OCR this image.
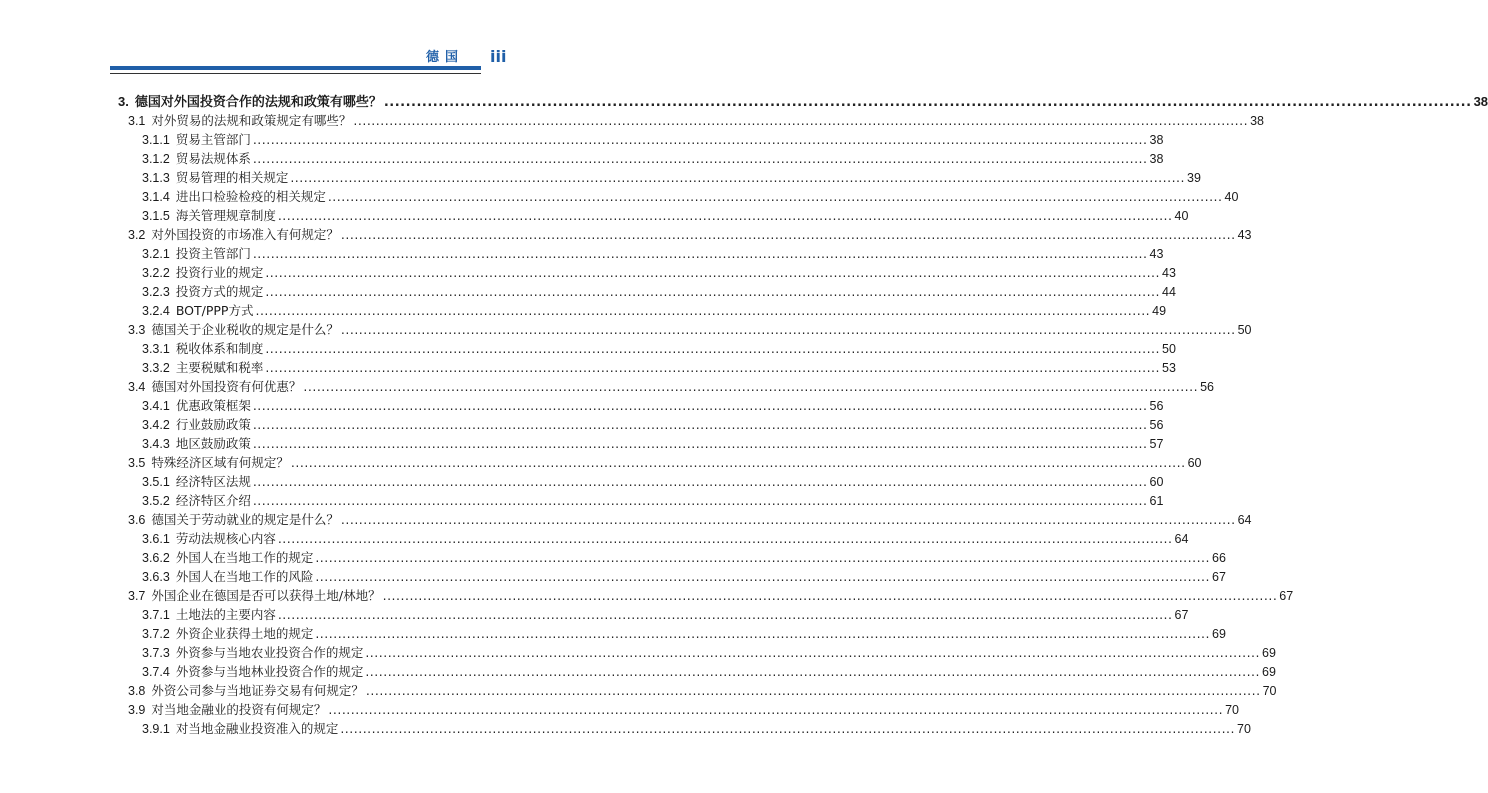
德国 iii
3. 德国对外国投资合作的法规和政策有哪些？ ........................................................................................................................................................................................................ 38
3.1 对外贸易的法规和政策规定有哪些？ ........................................................................................................................................................................................................ 38
3.1.1 贸易主管部门 ........................................................................................................................................................................................................ 38
3.1.2 贸易法规体系 ........................................................................................................................................................................................................ 38
3.1.3 贸易管理的相关规定 ........................................................................................................................................................................................................ 39
3.1.4 进出口检验检疫的相关规定 ........................................................................................................................................................................................................ 40
3.1.5 海关管理规章制度 ........................................................................................................................................................................................................ 40
3.2 对外国投资的市场准入有何规定？ ........................................................................................................................................................................................................ 43
3.2.1 投资主管部门 ........................................................................................................................................................................................................ 43
3.2.2 投资行业的规定 ........................................................................................................................................................................................................ 43
3.2.3 投资方式的规定 ........................................................................................................................................................................................................ 44
3.2.4 BOT/PPP方式 ........................................................................................................................................................................................................ 49
3.3 德国关于企业税收的规定是什么？ ........................................................................................................................................................................................................ 50
3.3.1 税收体系和制度 ........................................................................................................................................................................................................ 50
3.3.2 主要税赋和税率 ........................................................................................................................................................................................................ 53
3.4 德国对外国投资有何优惠？ ........................................................................................................................................................................................................ 56
3.4.1 优惠政策框架 ........................................................................................................................................................................................................ 56
3.4.2 行业鼓励政策 ........................................................................................................................................................................................................ 56
3.4.3 地区鼓励政策 ........................................................................................................................................................................................................ 57
3.5 特殊经济区域有何规定？ ........................................................................................................................................................................................................ 60
3.5.1 经济特区法规 ........................................................................................................................................................................................................ 60
3.5.2 经济特区介绍 ........................................................................................................................................................................................................ 61
3.6 德国关于劳动就业的规定是什么？ ........................................................................................................................................................................................................ 64
3.6.1 劳动法规核心内容 ........................................................................................................................................................................................................ 64
3.6.2 外国人在当地工作的规定 ........................................................................................................................................................................................................ 66
3.6.3 外国人在当地工作的风险 ........................................................................................................................................................................................................ 67
3.7 外国企业在德国是否可以获得土地/林地？ ........................................................................................................................................................................................................ 67
3.7.1 土地法的主要内容 ........................................................................................................................................................................................................ 67
3.7.2 外资企业获得土地的规定 ........................................................................................................................................................................................................ 69
3.7.3 外资参与当地农业投资合作的规定 ........................................................................................................................................................................................................ 69
3.7.4 外资参与当地林业投资合作的规定 ........................................................................................................................................................................................................ 69
3.8 外资公司参与当地证券交易有何规定？ ........................................................................................................................................................................................................ 70
3.9 对当地金融业的投资有何规定？ ........................................................................................................................................................................................................ 70
3.9.1 对当地金融业投资准入的规定 ........................................................................................................................................................................................................ 70
